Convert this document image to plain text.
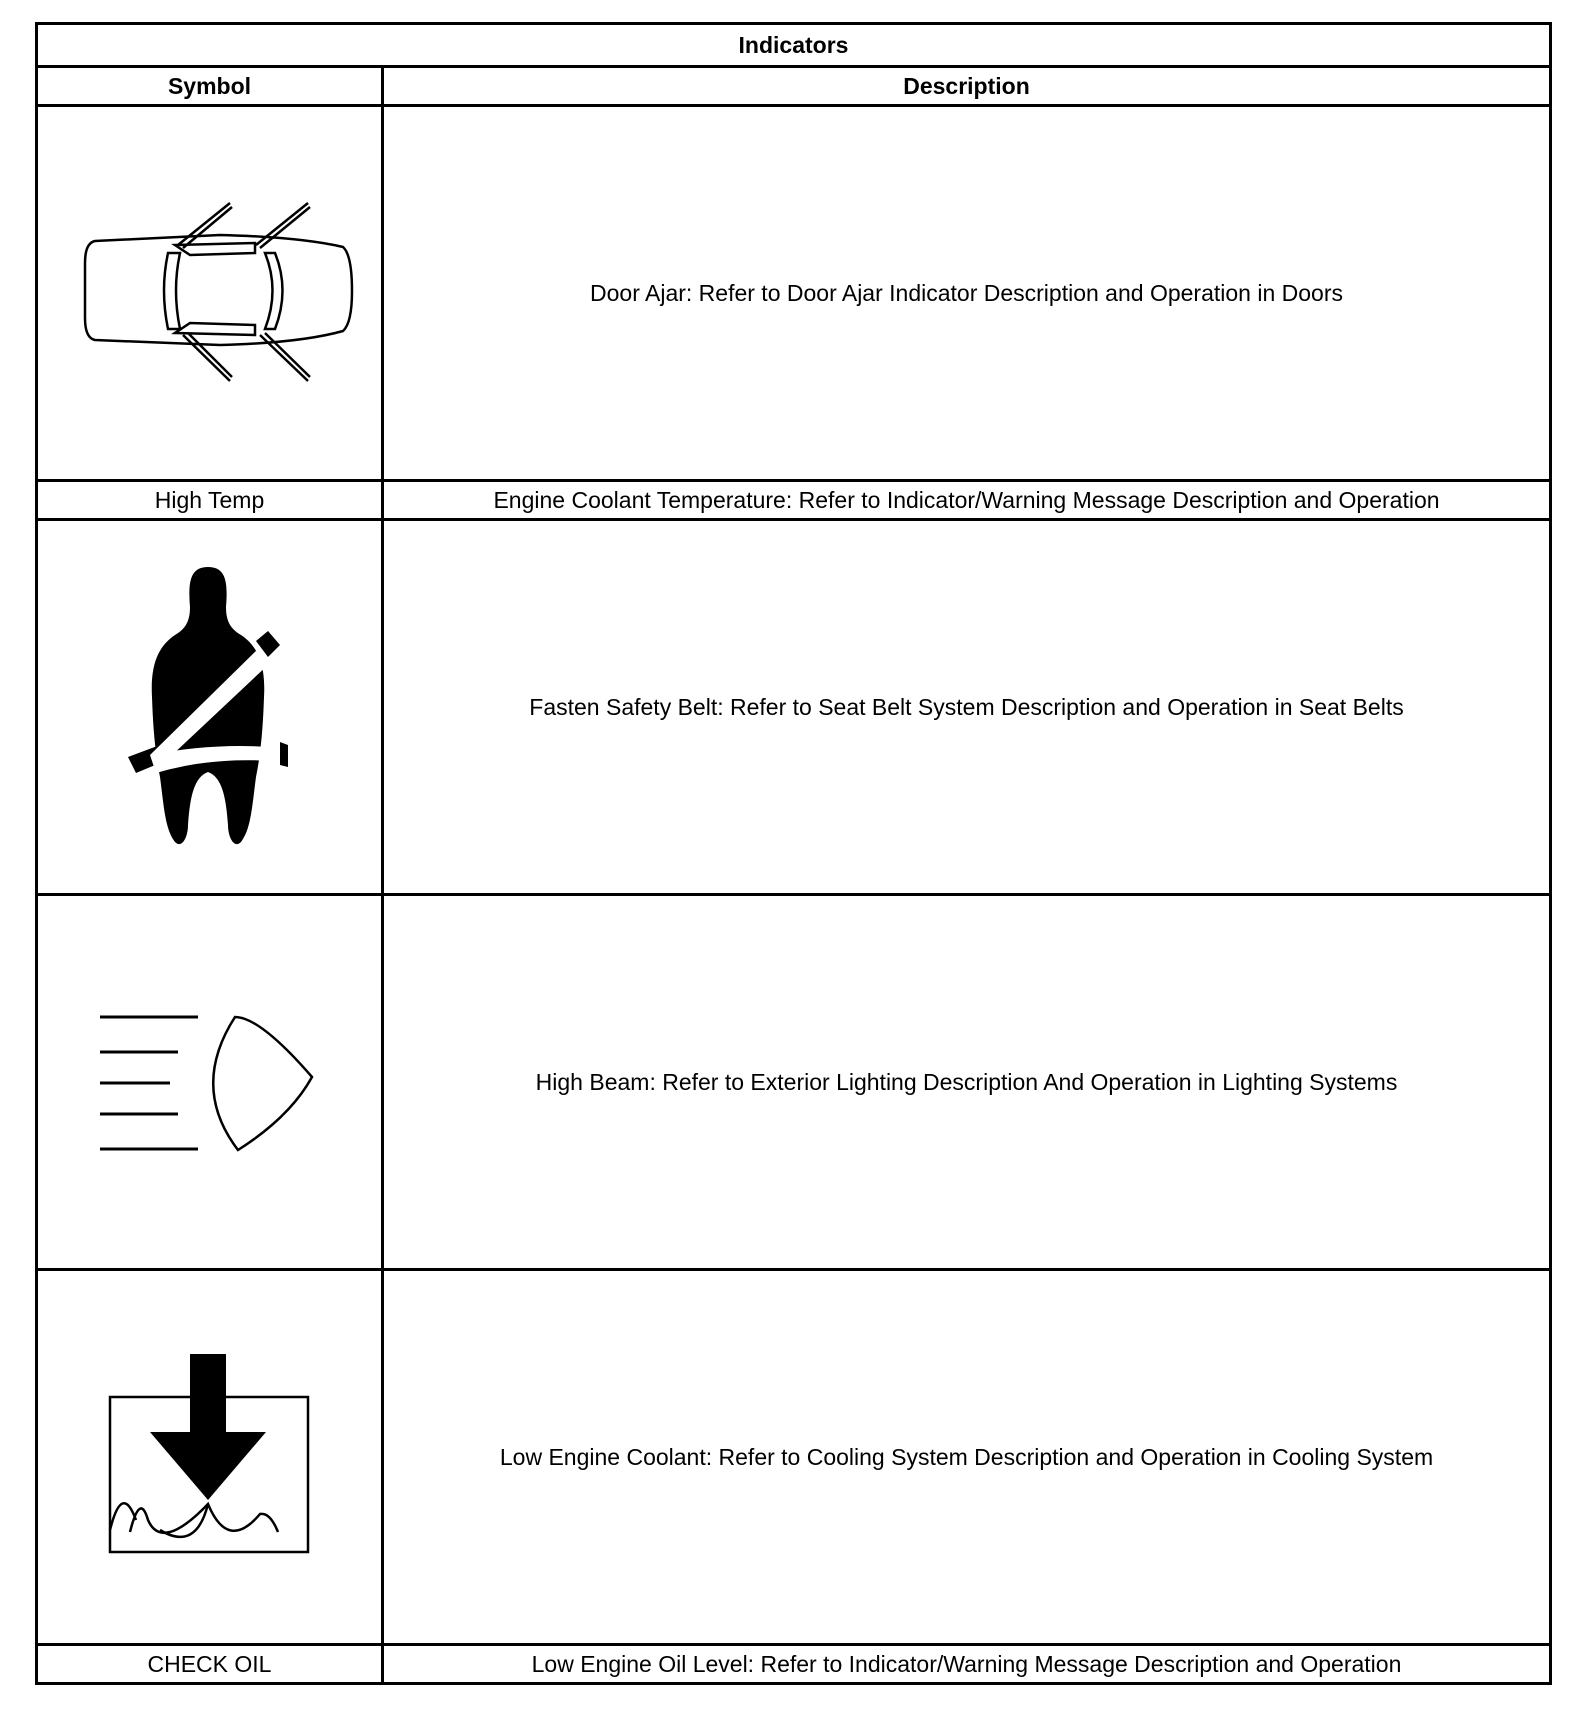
Indicators	
Symbol	Description

	Door Ajar: Refer to Door Ajar Indicator Description and Operation in Doors
High Temp	Engine Coolant Temperature: Refer to Indicator/Warning Message Description and Operation

	Fasten Safety Belt: Refer to Seat Belt System Description and Operation in Seat Belts

	High Beam: Refer to Exterior Lighting Description And Operation in Lighting Systems

	Low Engine Coolant: Refer to Cooling System Description and Operation in Cooling System
CHECK OIL	Low Engine Oil Level: Refer to Indicator/Warning Message Description and Operation
